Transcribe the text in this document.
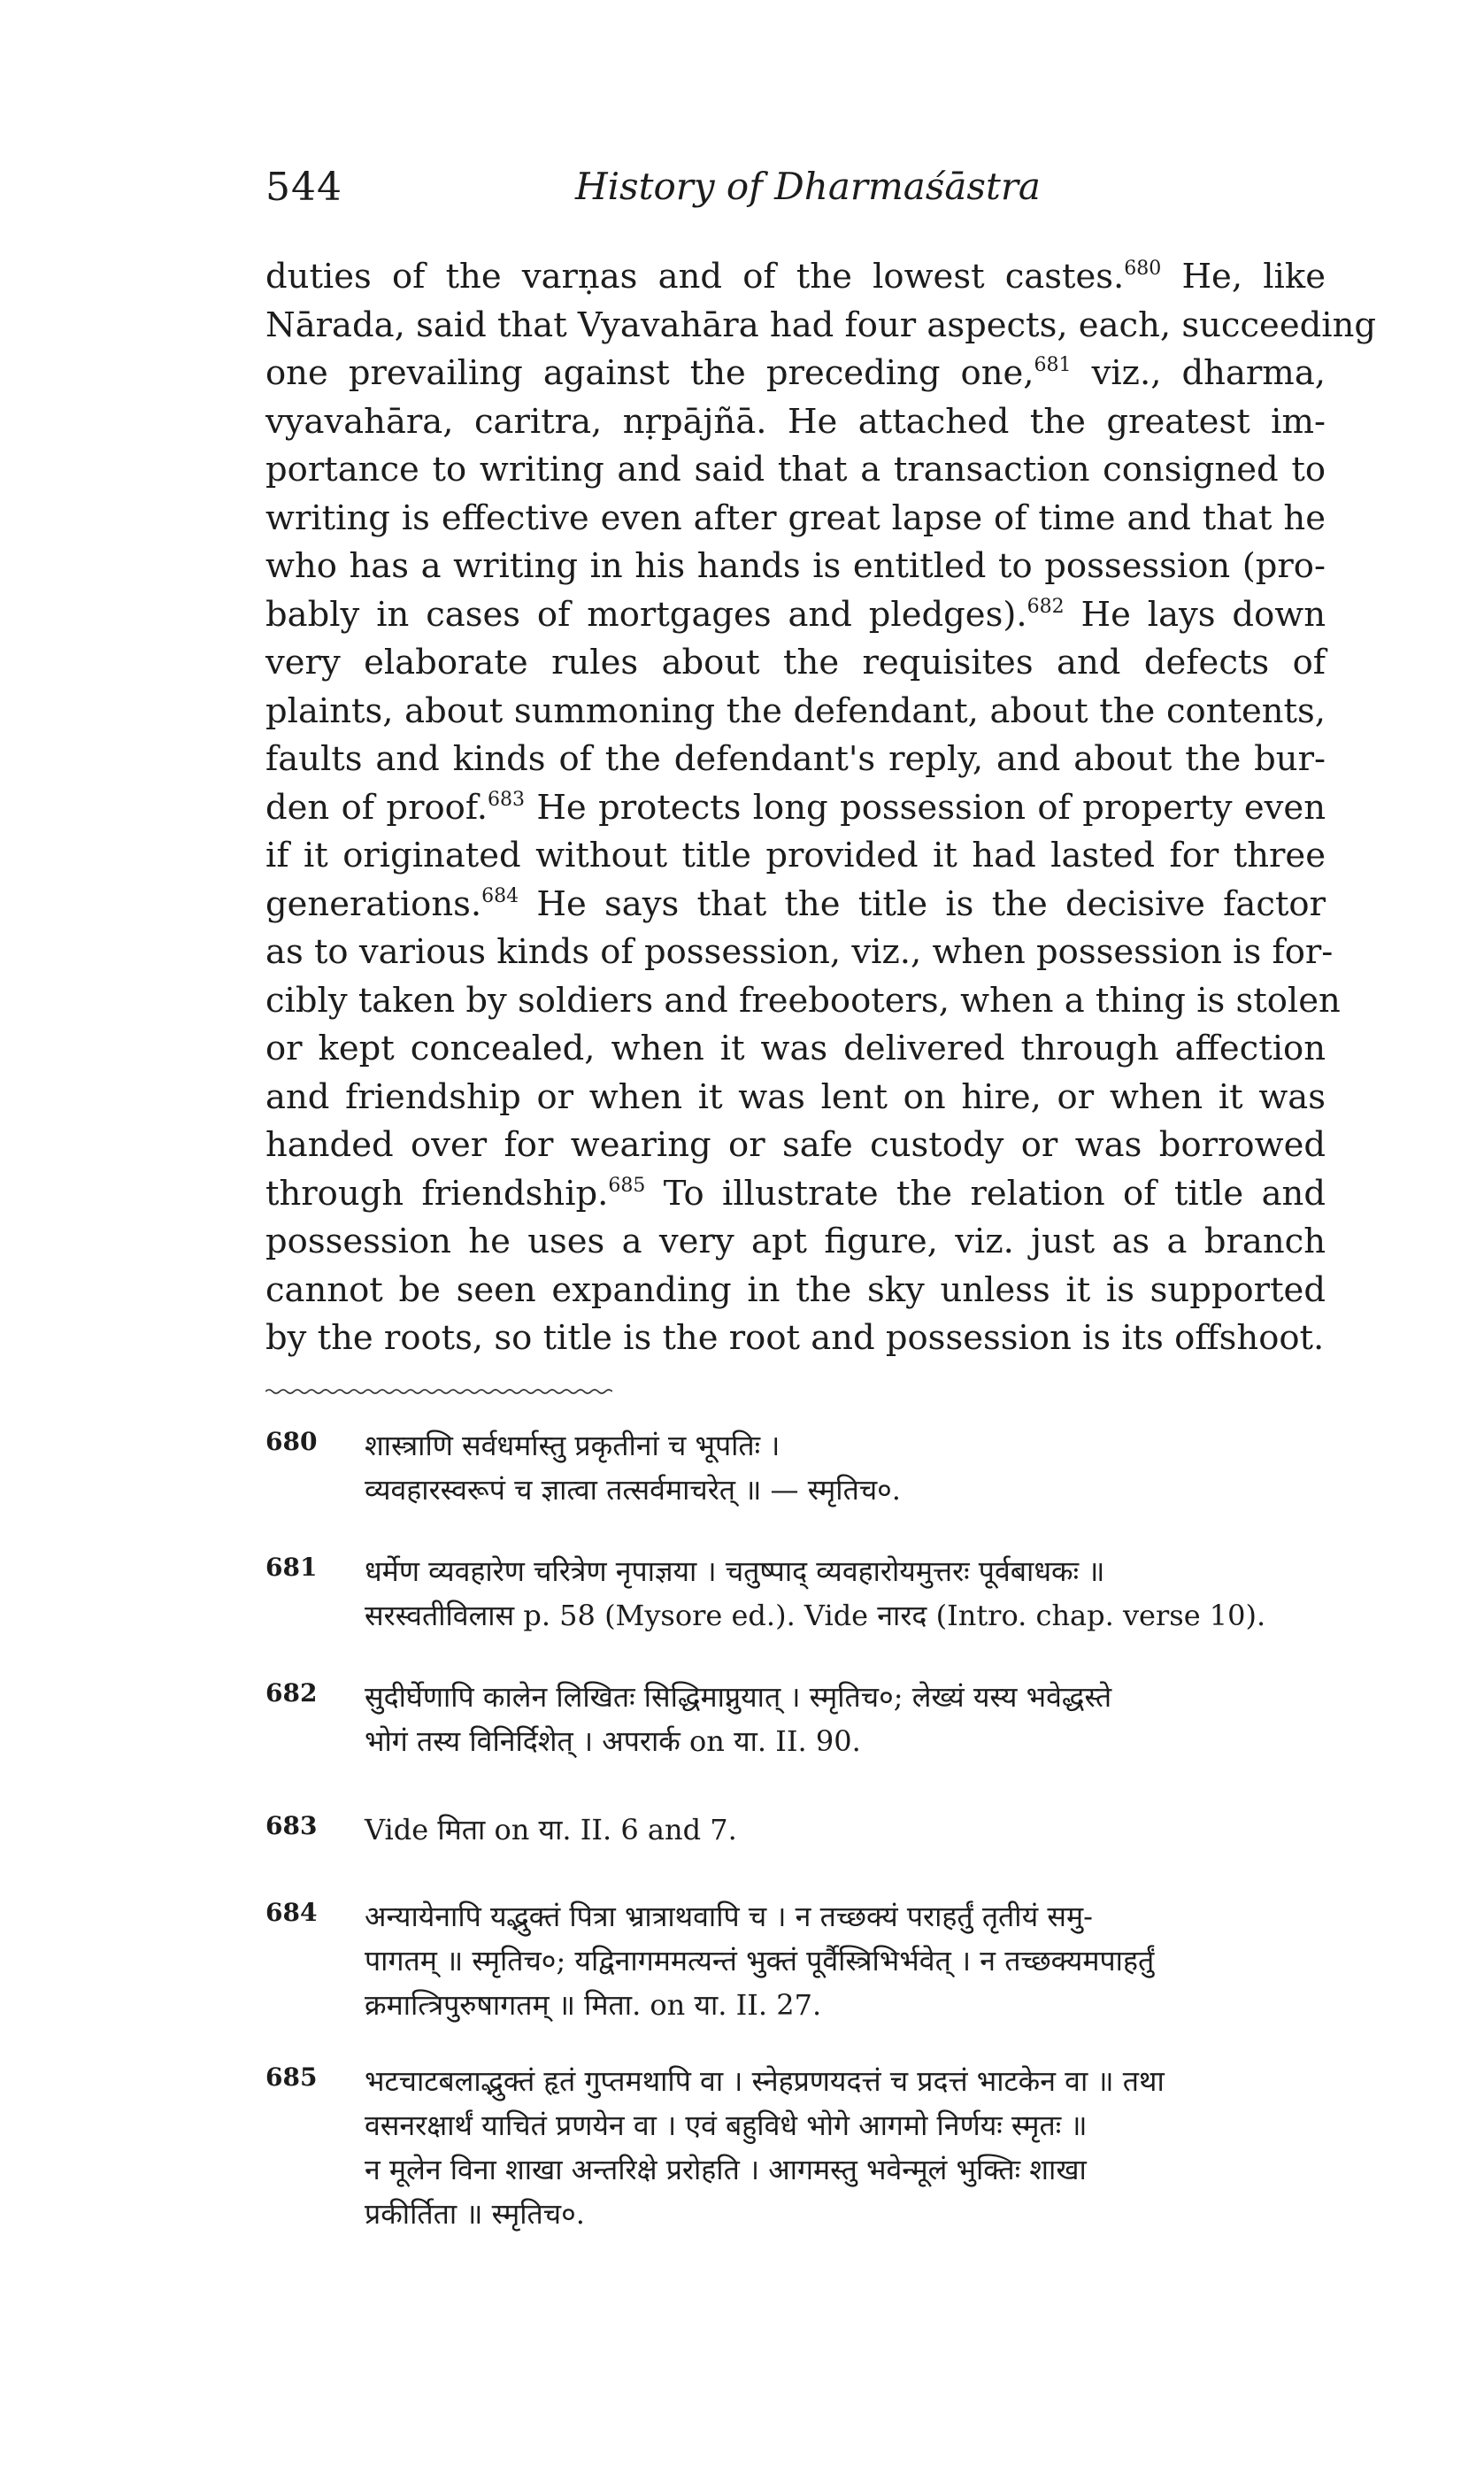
544	History of Dharmaśāstra
duties of the varṇas and of the lowest castes.$^{680}$ He, like
Nārada, said that Vyavahāra had four aspects, each, succeeding
one prevailing against the preceding one,$^{681}$ viz., dharma,
vyavahāra, caritra, nṛpājñā. He attached the greatest im-
portance to writing and said that a transaction consigned to
writing is effective even after great lapse of time and that he
who has a writing in his hands is entitled to possession (pro-
bably in cases of mortgages and pledges).$^{682}$ He lays down
very elaborate rules about the requisites and defects of
plaints, about summoning the defendant, about the contents,
faults and kinds of the defendant's reply, and about the bur-
den of proof.$^{683}$ He protects long possession of property even
if it originated without title provided it had lasted for three
generations.$^{684}$ He says that the title is the decisive factor
as to various kinds of possession, viz., when possession is for-
cibly taken by soldiers and freebooters, when a thing is stolen
or kept concealed, when it was delivered through affection
and friendship or when it was lent on hire, or when it was
handed over for wearing or safe custody or was borrowed
through friendship.$^{685}$ To illustrate the relation of title and
possession he uses a very apt figure, viz. just as a branch
cannot be seen expanding in the sky unless it is supported
by the roots, so title is the root and possession is its offshoot.
680	शास्त्राणि सर्वधर्मास्तु प्रकृतीनां च भूपतिः ।
व्यवहारस्वरूपं च ज्ञात्वा तत्सर्वमाचरेत् ॥ — स्मृतिच०.
681	धर्मेण व्यवहारेण चरित्रेण नृपाज्ञया । चतुष्पाद् व्यवहारोयमुत्तरः पूर्वबाधकः ॥
सरस्वतीविलास p. 58 (Mysore ed.). Vide नारद (Intro. chap. verse 10).
682	सुदीर्घेणापि कालेन लिखितः सिद्धिमाप्नुयात् । स्मृतिच०; लेख्यं यस्य भवेद्धस्ते
भोगं तस्य विनिर्दिशेत् । अपरार्क on या. II. 90.
683	Vide मिता on या. II. 6 and 7.
684	अन्यायेनापि यद्भुक्तं पित्रा भ्रात्राथवापि च । न तच्छक्यं पराहर्तुं तृतीयं समु-
पागतम् ॥ स्मृतिच०; यद्विनागममत्यन्तं भुक्तं पूर्वैस्त्रिभिर्भवेत् । न तच्छक्यमपाहर्तुं
क्रमात्त्रिपुरुषागतम् ॥ मिता. on या. II. 27.
685	भटचाटबलाद्भुक्तं हृतं गुप्तमथापि वा । स्नेहप्रणयदत्तं च प्रदत्तं भाटकेन वा ॥ तथा
वसनरक्षार्थं याचितं प्रणयेन वा । एवं बहुविधे भोगे आगमो निर्णयः स्मृतः ॥
न मूलेन विना शाखा अन्तरिक्षे प्ररोहति । आगमस्तु भवेन्मूलं भुक्तिः शाखा
प्रकीर्तिता ॥ स्मृतिच०.
